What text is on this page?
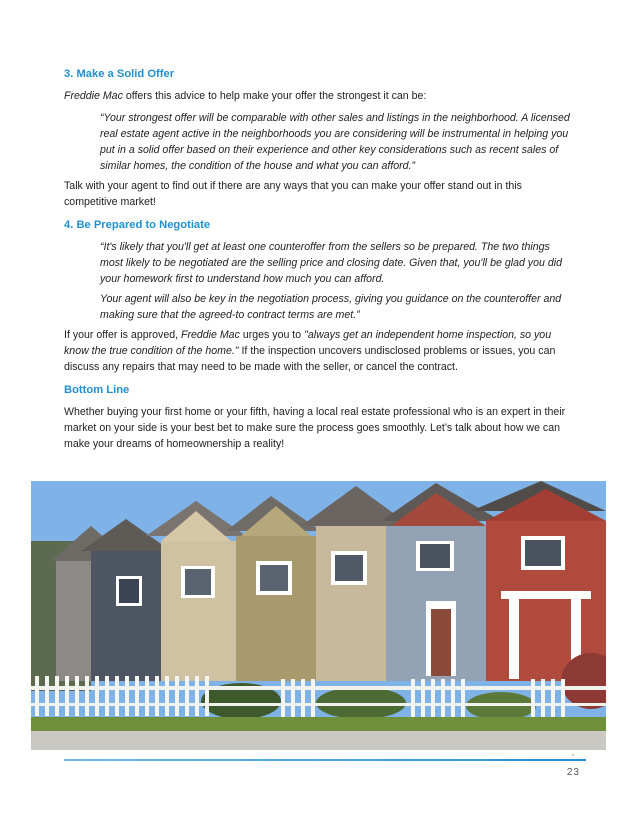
3. Make a Solid Offer

Freddie Mac offers this advice to help make your offer the strongest it can be:

“Your strongest offer will be comparable with other sales and listings in the neighborhood. A licensed real estate agent active in the neighborhoods you are considering will be instrumental in helping you put in a solid offer based on their experience and other key considerations such as recent sales of similar homes, the condition of the house and what you can afford.”

Talk with your agent to find out if there are any ways that you can make your offer stand out in this competitive market!

4. Be Prepared to Negotiate

“It's likely that you'll get at least one counteroffer from the sellers so be prepared. The two things most likely to be negotiated are the selling price and closing date. Given that, you'll be glad you did your homework first to understand how much you can afford.

Your agent will also be key in the negotiation process, giving you guidance on the counteroffer and making sure that the agreed-to contract terms are met.”

If your offer is approved, Freddie Mac urges you to "always get an independent home inspection, so you know the true condition of the home." If the inspection uncovers undisclosed problems or issues, you can discuss any repairs that may need to be made with the seller, or cancel the contract.

Bottom Line

Whether buying your first home or your fifth, having a local real estate professional who is an expert in their market on your side is your best bet to make sure the process goes smoothly. Let’s talk about how we can make your dreams of homeownership a reality!

23
